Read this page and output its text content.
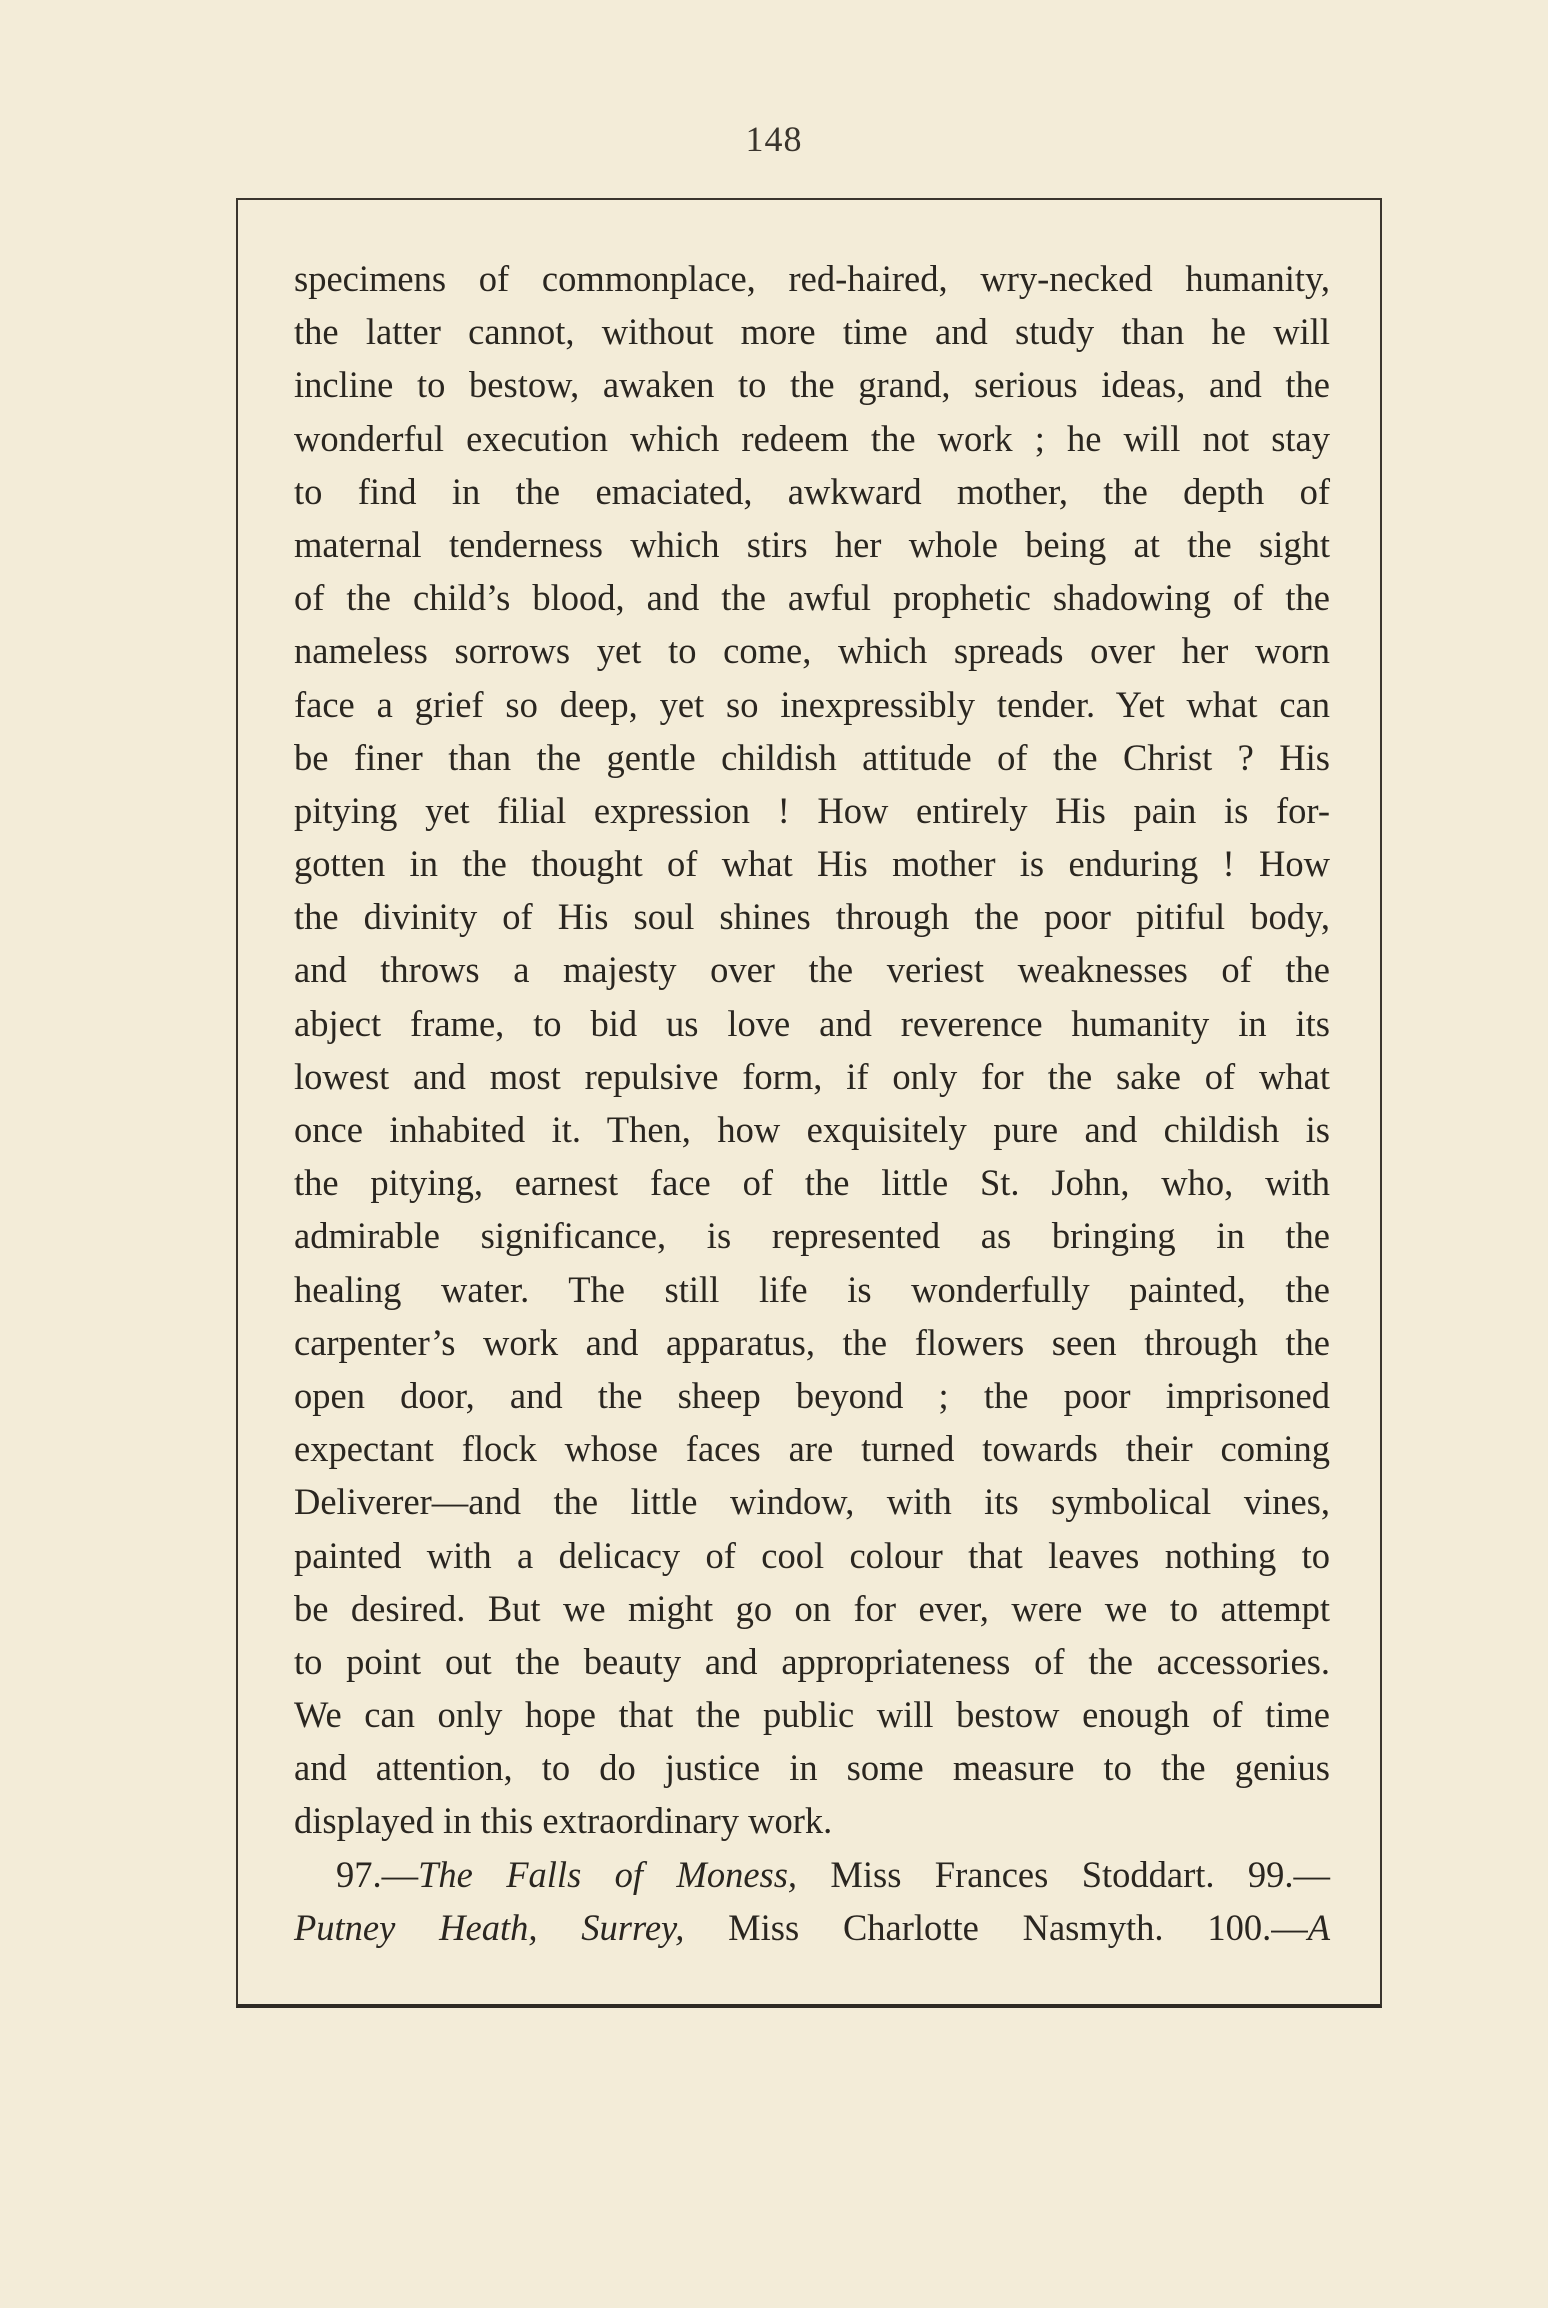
148
specimens of commonplace, red-haired, wry-necked humanity,
the latter cannot, without more time and study than he will
incline to bestow, awaken to the grand, serious ideas, and the
wonderful execution which redeem the work ; he will not stay
to find in the emaciated, awkward mother, the depth of
maternal tenderness which stirs her whole being at the sight
of the child’s blood, and the awful prophetic shadowing of the
nameless sorrows yet to come, which spreads over her worn
face a grief so deep, yet so inexpressibly tender. Yet what can
be finer than the gentle childish attitude of the Christ ? His
pitying yet filial expression ! How entirely His pain is for-
gotten in the thought of what His mother is enduring ! How
the divinity of His soul shines through the poor pitiful body,
and throws a majesty over the veriest weaknesses of the
abject frame, to bid us love and reverence humanity in its
lowest and most repulsive form, if only for the sake of what
once inhabited it. Then, how exquisitely pure and childish is
the pitying, earnest face of the little St. John, who, with
admirable significance, is represented as bringing in the
healing water. The still life is wonderfully painted, the
carpenter’s work and apparatus, the flowers seen through the
open door, and the sheep beyond ; the poor imprisoned
expectant flock whose faces are turned towards their coming
Deliverer—and the little window, with its symbolical vines,
painted with a delicacy of cool colour that leaves nothing to
be desired. But we might go on for ever, were we to attempt
to point out the beauty and appropriateness of the accessories.
We can only hope that the public will bestow enough of time
and attention, to do justice in some measure to the genius
displayed in this extraordinary work.
97.—The Falls of Moness, Miss Frances Stoddart. 99.—
Putney Heath, Surrey, Miss Charlotte Nasmyth. 100.—A
